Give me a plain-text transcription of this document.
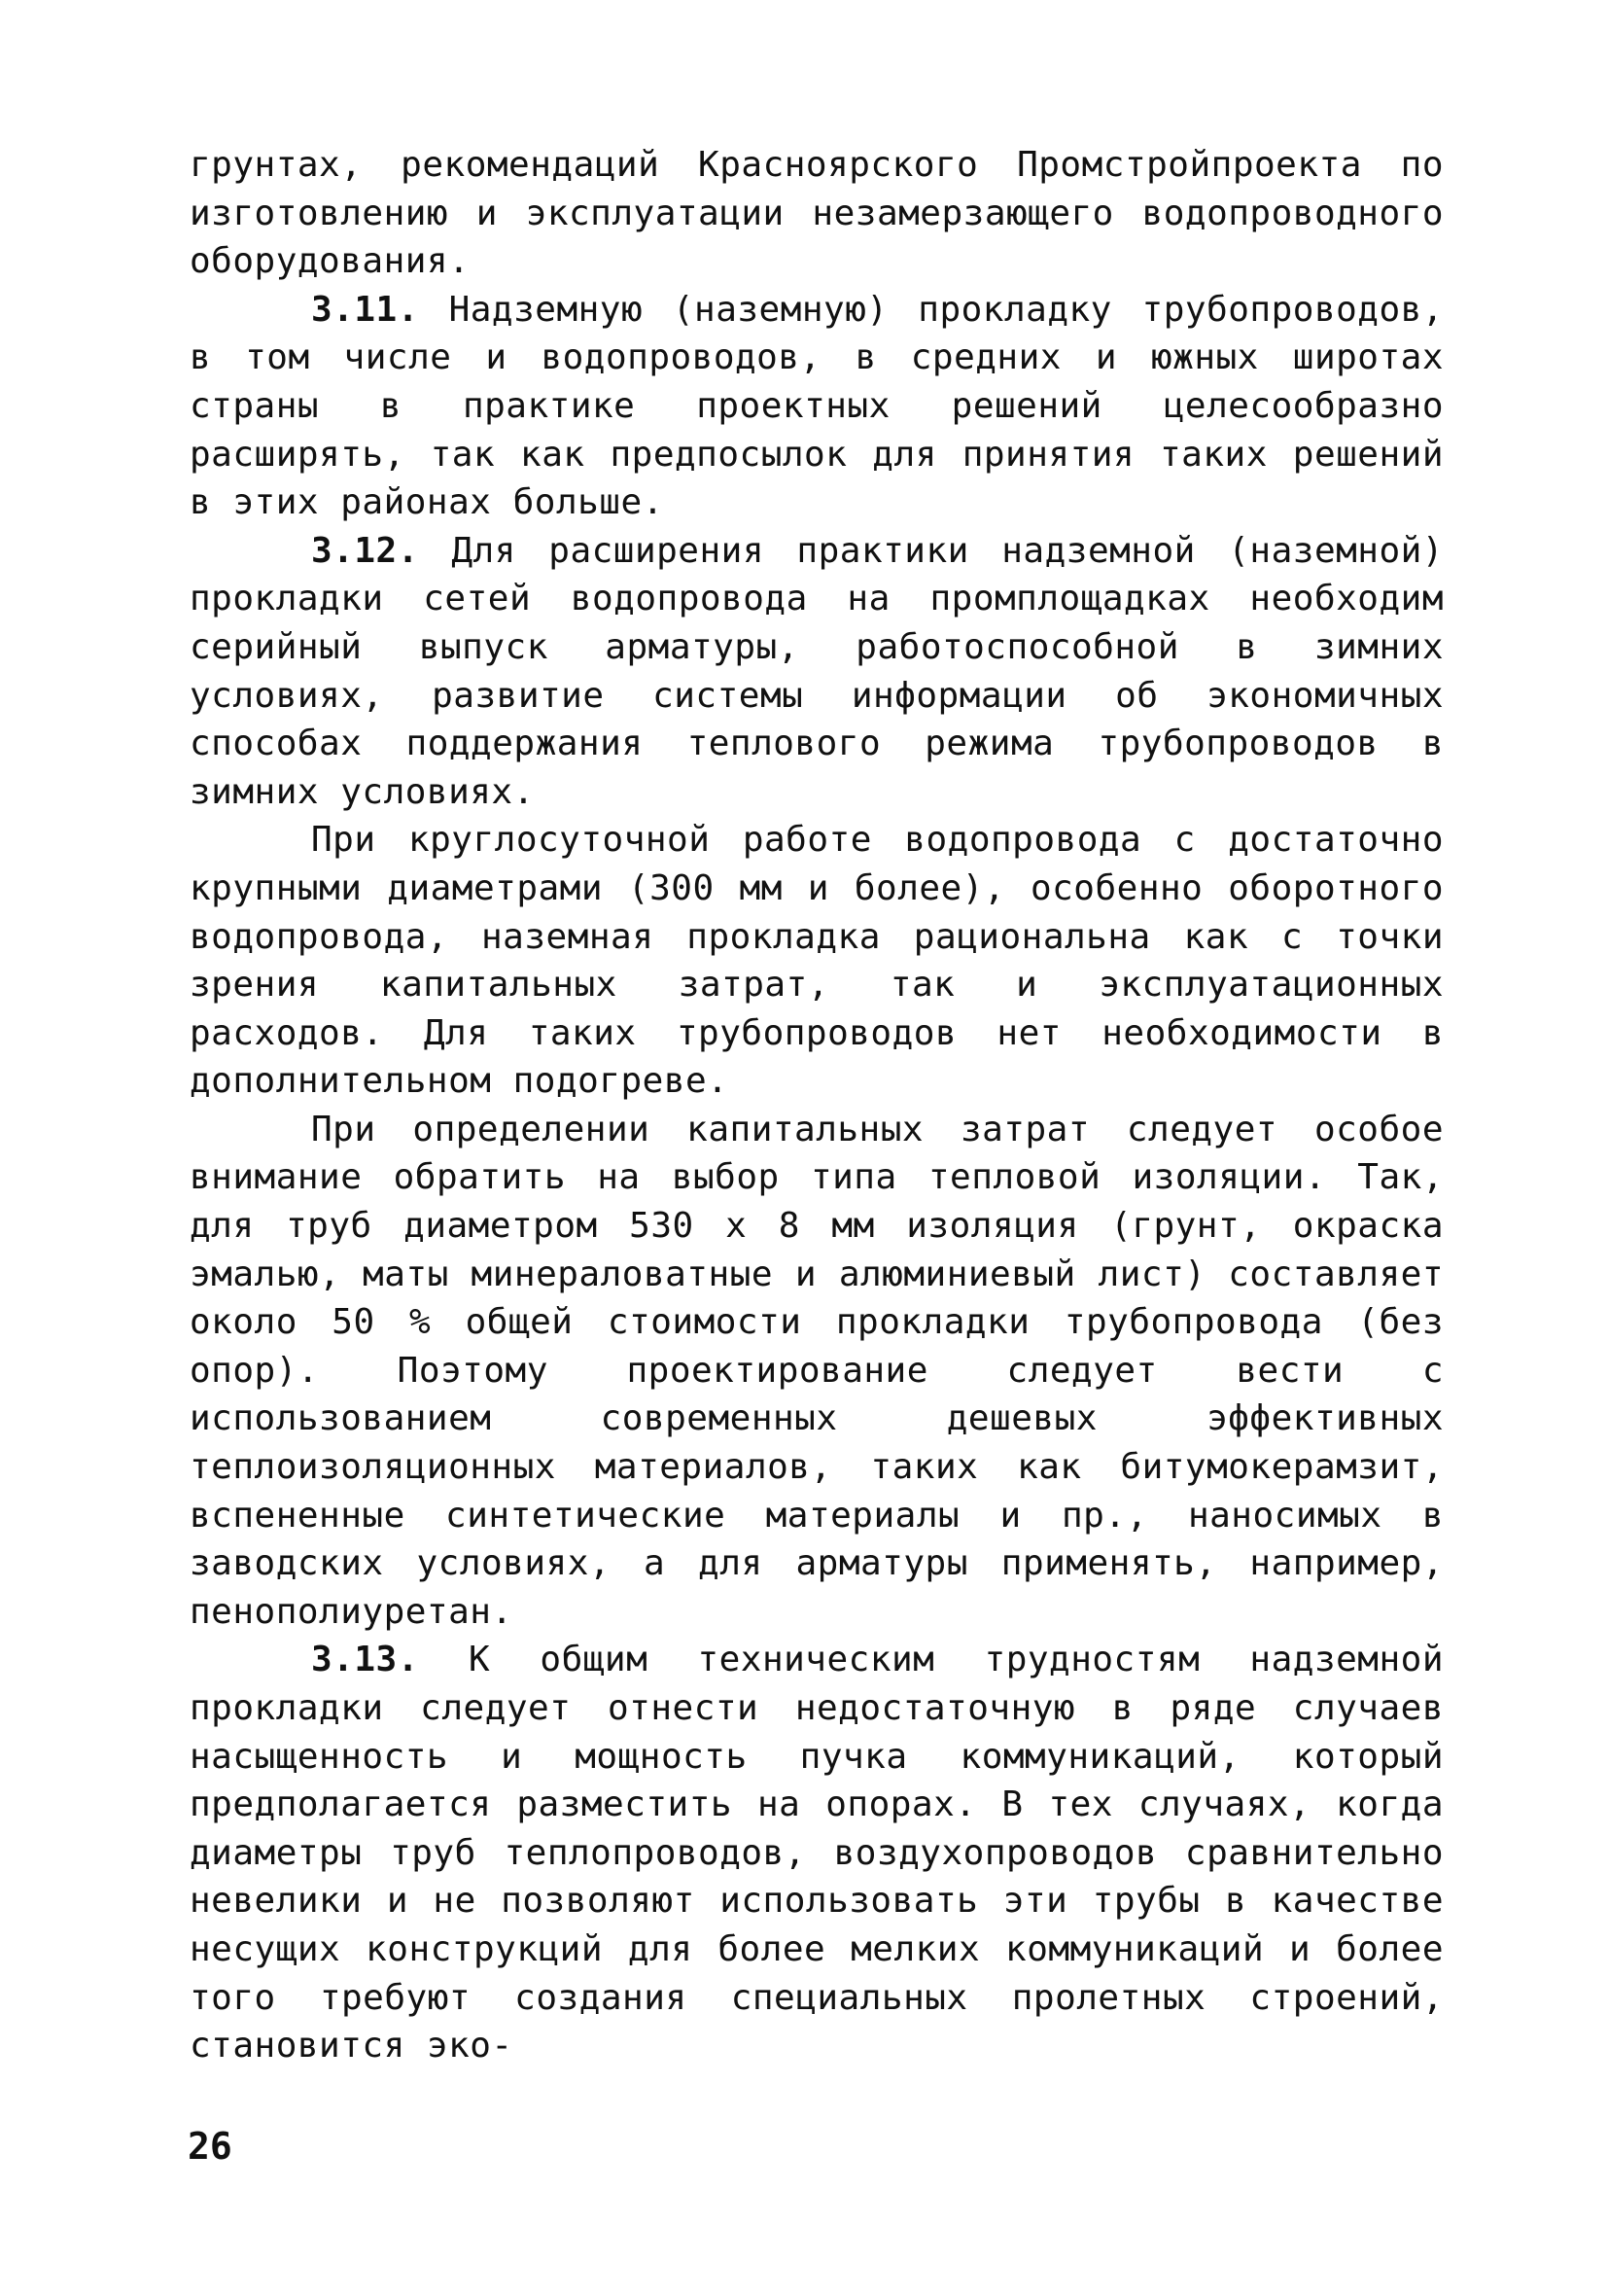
грунтах, рекомендаций Красноярского Промстройпроекта по изготовлению и эксплуатации незамерзающего водопроводного оборудования.

3.11. Надземную (наземную) прокладку трубопроводов, в том числе и водопроводов, в средних и южных широтах страны в практике проектных решений целесообразно расширять, так как предпосылок для принятия таких решений в этих районах больше.

3.12. Для расширения практики надземной (наземной) прокладки сетей водопровода на промплощадках необходим серийный выпуск арматуры, работоспособной в зимних условиях, развитие системы информации об экономичных способах поддержания теплового режима трубопроводов в зимних условиях.

При круглосуточной работе водопровода с достаточно крупными диаметрами (300 мм и более), особенно оборотного водопровода, наземная прокладка рациональна как с точки зрения капитальных затрат, так и эксплуатационных расходов. Для таких трубопроводов нет необходимости в дополнительном подогреве.

При определении капитальных затрат следует особое внимание обратить на выбор типа тепловой изоляции. Так, для труб диаметром 530 x 8 мм изоляция (грунт, окраска эмалью, маты минераловатные и алюминиевый лист) составляет около 50 % общей стоимости прокладки трубопровода (без опор). Поэтому проектирование следует вести с использованием современных дешевых эффективных теплоизоляционных материалов, таких как битумокерамзит, вспененные синтетические материалы и пр., наносимых в заводских условиях, а для арматуры применять, например, пенополиуретан.

3.13. К общим техническим трудностям надземной прокладки следует отнести недостаточную в ряде случаев насыщенность и мощность пучка коммуникаций, который предполагается разместить на опорах. В тех случаях, когда диаметры труб теплопроводов, воздухопроводов сравнительно невелики и не позволяют использовать эти трубы в качестве несущих конструкций для более мелких коммуникаций и более того требуют создания специальных пролетных строений, становится эко-

26
